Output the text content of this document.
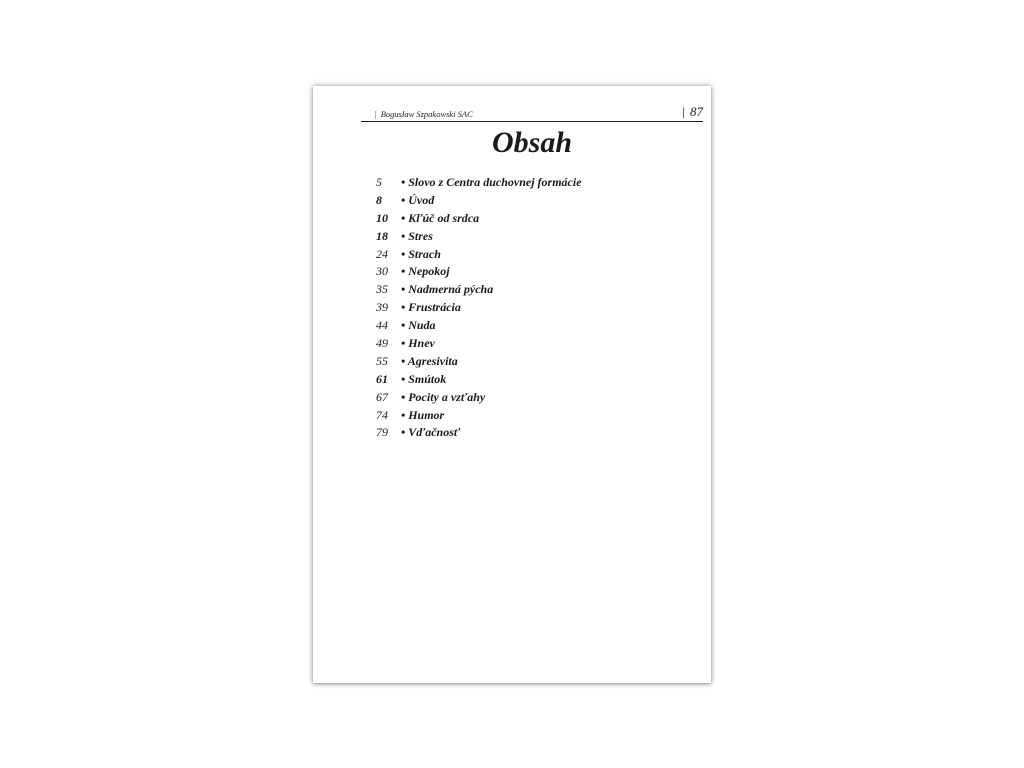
| Bogusław Szpakowski SAC	| 87
Obsah
5 • Slovo z Centra duchovnej formácie
8 • Úvod
10 • Kľúč od srdca
18 • Stres
24 • Strach
30 • Nepokoj
35 • Nadmerná pýcha
39 • Frustrácia
44 • Nuda
49 • Hnev
55 • Agresivita
61 • Smútok
67 • Pocity a vzťahy
74 • Humor
79 • Vďačnosť
